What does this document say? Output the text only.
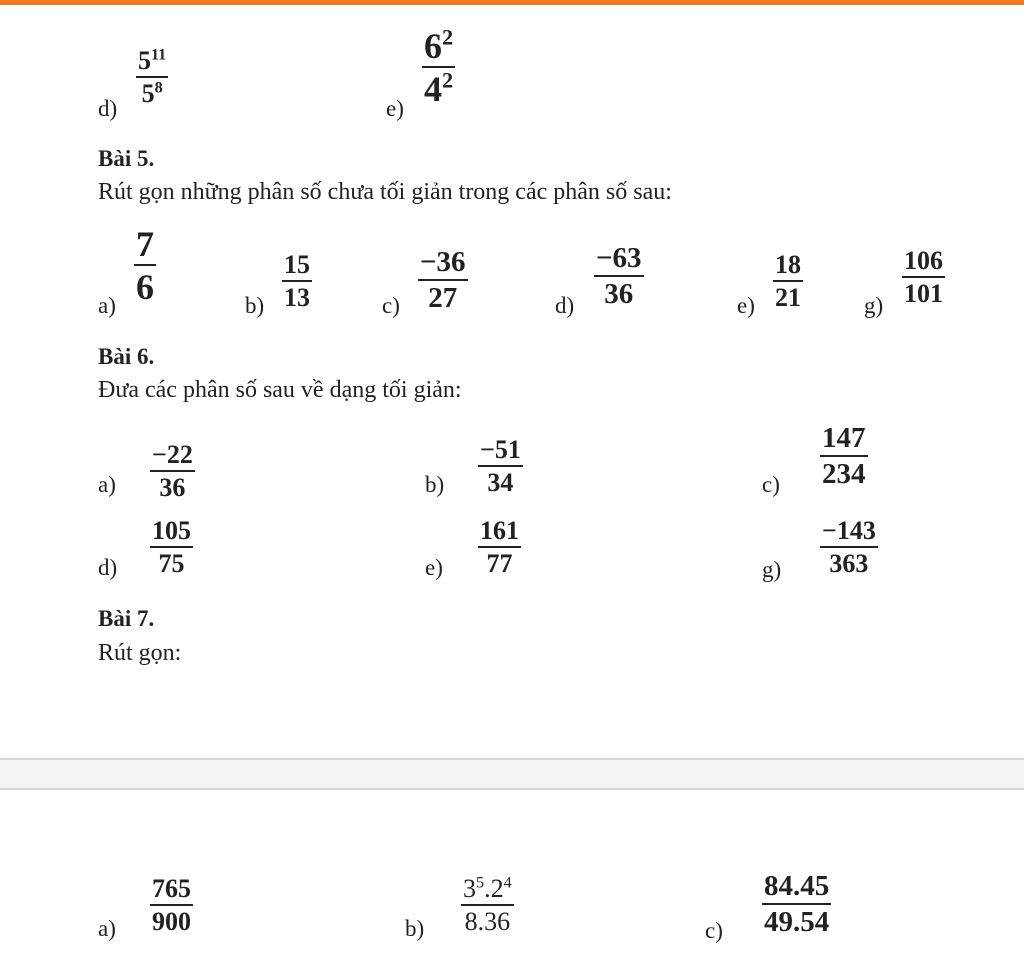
d)
$5^{11}$
$5^8$
e)
$6^2$
$4^2$
Bài 5.
Rút gọn những phân số chưa tối giản trong các phân số sau:
a)
7
6	b)
15
13	c)
−36
27	d)
−63
36	e)
18
21	g)
106
101
Bài 6.
Đưa các phân số sau về dạng tối giản:
a)
−22
36	b)
−51
34	c)
147
234
d)
105
75	e)
161
77	g)
−143
363
Bài 7.
Rút gọn:
a)
765
900	b)
$3^5.2^4$
8.36	c)
84.45
49.54
